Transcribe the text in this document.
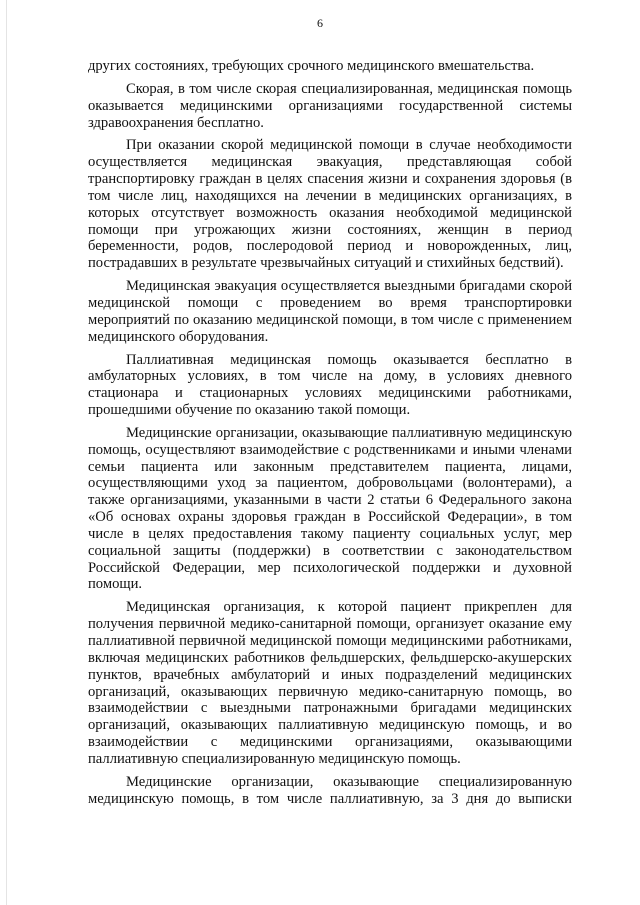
6

других состояниях, требующих срочного медицинского вмешательства.

Скорая, в том числе скорая специализированная, медицинская помощь оказывается медицинскими организациями государственной системы здравоохранения бесплатно.

При оказании скорой медицинской помощи в случае необходимости осуществляется медицинская эвакуация, представляющая собой транспортировку граждан в целях спасения жизни и сохранения здоровья (в том числе лиц, находящихся на лечении в медицинских организациях, в которых отсутствует возможность оказания необходимой медицинской помощи при угрожающих жизни состояниях, женщин в период беременности, родов, послеродовой период и новорожденных, лиц, пострадавших в результате чрезвычайных ситуаций и стихийных бедствий).

Медицинская эвакуация осуществляется выездными бригадами скорой медицинской помощи с проведением во время транспортировки мероприятий по оказанию медицинской помощи, в том числе с применением медицинского оборудования.

Паллиативная медицинская помощь оказывается бесплатно в амбулаторных условиях, в том числе на дому, в условиях дневного стационара и стационарных условиях медицинскими работниками, прошедшими обучение по оказанию такой помощи.

Медицинские организации, оказывающие паллиативную медицинскую помощь, осуществляют взаимодействие с родственниками и иными членами семьи пациента или законным представителем пациента, лицами, осуществляющими уход за пациентом, добровольцами (волонтерами), а также организациями, указанными в части 2 статьи 6 Федерального закона «Об основах охраны здоровья граждан в Российской Федерации», в том числе в целях предоставления такому пациенту социальных услуг, мер социальной защиты (поддержки) в соответствии с законодательством Российской Федерации, мер психологической поддержки и духовной помощи.

Медицинская организация, к которой пациент прикреплен для получения первичной медико-санитарной помощи, организует оказание ему паллиативной первичной медицинской помощи медицинскими работниками, включая медицинских работников фельдшерских, фельдшерско-акушерских пунктов, врачебных амбулаторий и иных подразделений медицинских организаций, оказывающих первичную медико-санитарную помощь, во взаимодействии с выездными патронажными бригадами медицинских организаций, оказывающих паллиативную медицинскую помощь, и во взаимодействии с медицинскими организациями, оказывающими паллиативную специализированную медицинскую помощь.

Медицинские организации, оказывающие специализированную медицинскую помощь, в том числе паллиативную, за 3 дня до выписки
